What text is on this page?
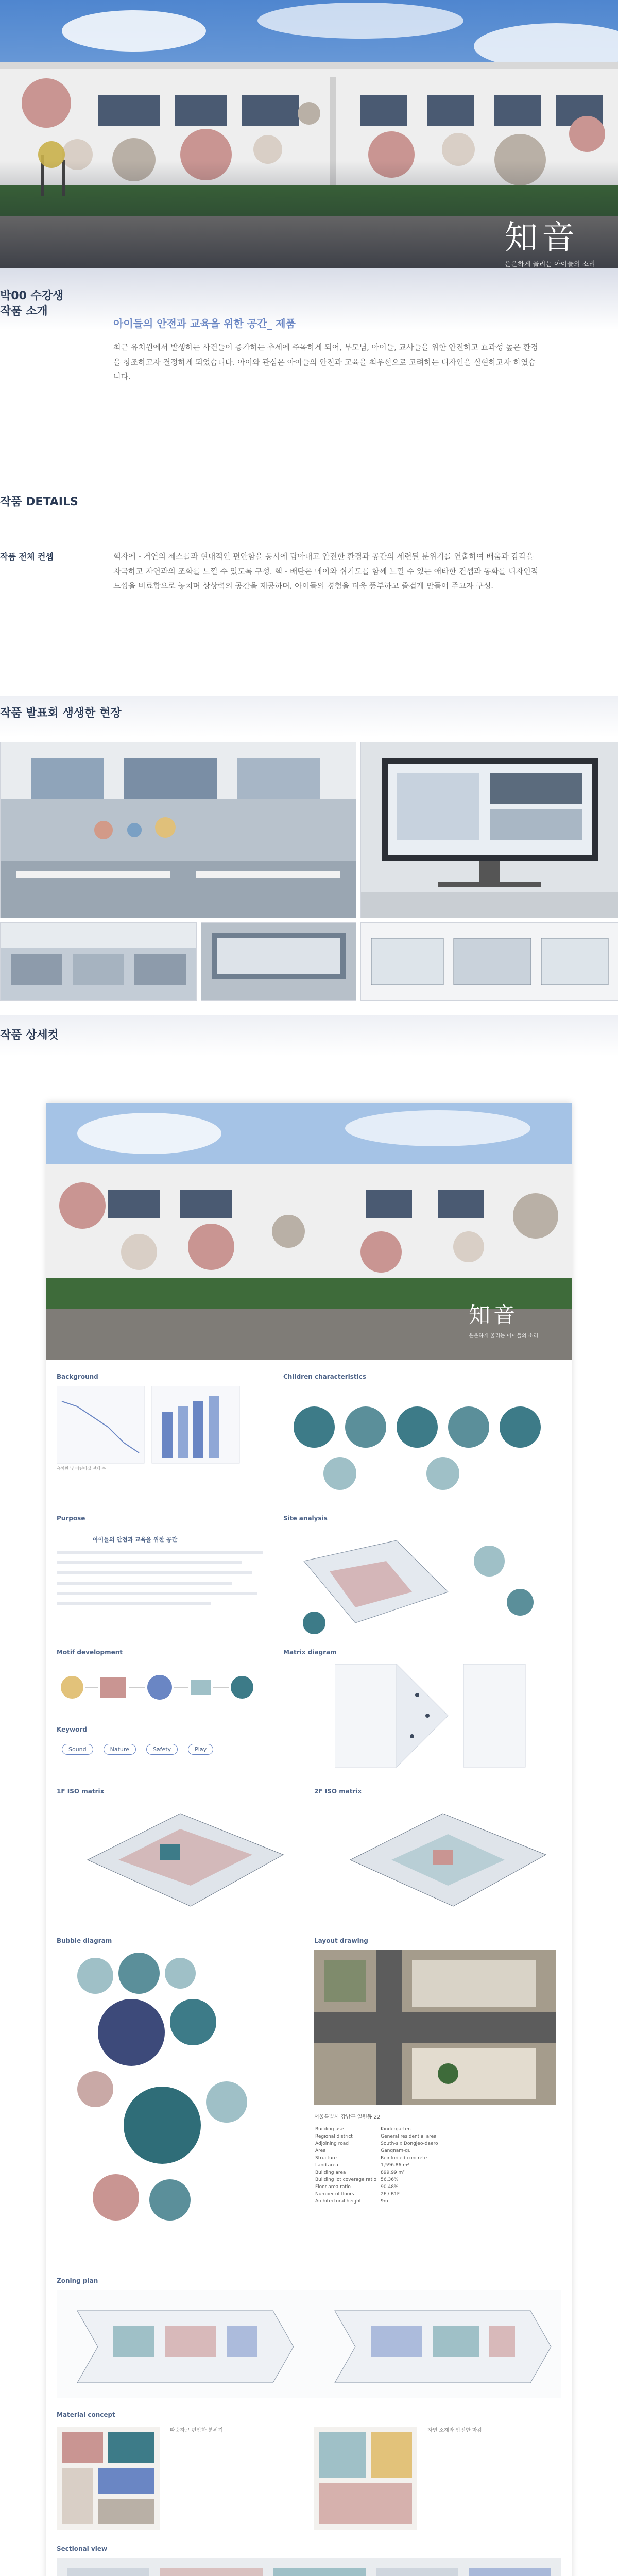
知音
은은하게 울리는 아이들의 소리
박00 수강생
작품 소개
아이들의 안전과 교육을 위한 공간_ 제품
최근 유치원에서 발생하는 사건들이 증가하는 추세에 주목하게 되어, 부모님, 아이들, 교사들을 위한 안전하고 효과성 높은 환경을 창조하고자 결정하게 되었습니다. 아이와 관심은 아이들의 안전과 교육을 최우선으로 고려하는 디자인을 실현하고자 하였습니다.
작품 DETAILS
작품 전체 컨셉	핵자에 - 거연의 제스를과 현대적인 편안함을 동시에 담아내고 안전한 환경과 공간의 세련된 분위기를 연출하여 배움과 감각을 자극하고 자연과의 조화를 느낄 수 있도록 구성. 핵 - 배탄은 메이와 쉬기도를 함께 느낄 수 있는 애타한 컨셉과 동화를 디자인적 느낌을 비료함으로 놓치며 상상력의 공간을 제공하며, 아이들의 경험을 더욱 풍부하고 즐겁게 만들어 주고자 구성.
작품 발표회 생생한 현장
작품 상세컷
知音
은은하게 울리는 아이들의 소리
Background
유치원 및 어린이집 전체 수
Children characteristics
Purpose
아이들의 안전과 교육을 위한 공간
Site analysis
Motif development	Matrix diagram
Keyword
Sound	Nature	Safety	Play
1F ISO matrix	2F ISO matrix
Bubble diagram	Layout drawing
서울특별시 강남구 일원동 22
Building use	Kindergarten
Regional district	General residential area
Adjoining road	South-six Dongjeo-daero
Area	Gangnam-gu
Structure	Reinforced concrete
Land area	1,596.86 m²
Building area	899.99 m²
Building lot coverage ratio	56.36%
Floor area ratio	90.48%
Number of floors	2F / B1F
Architectural height	9m
Zoning plan
Material concept
따뜻하고 편안한 분위기	자연 소재와 안전한 마감
Sectional view
